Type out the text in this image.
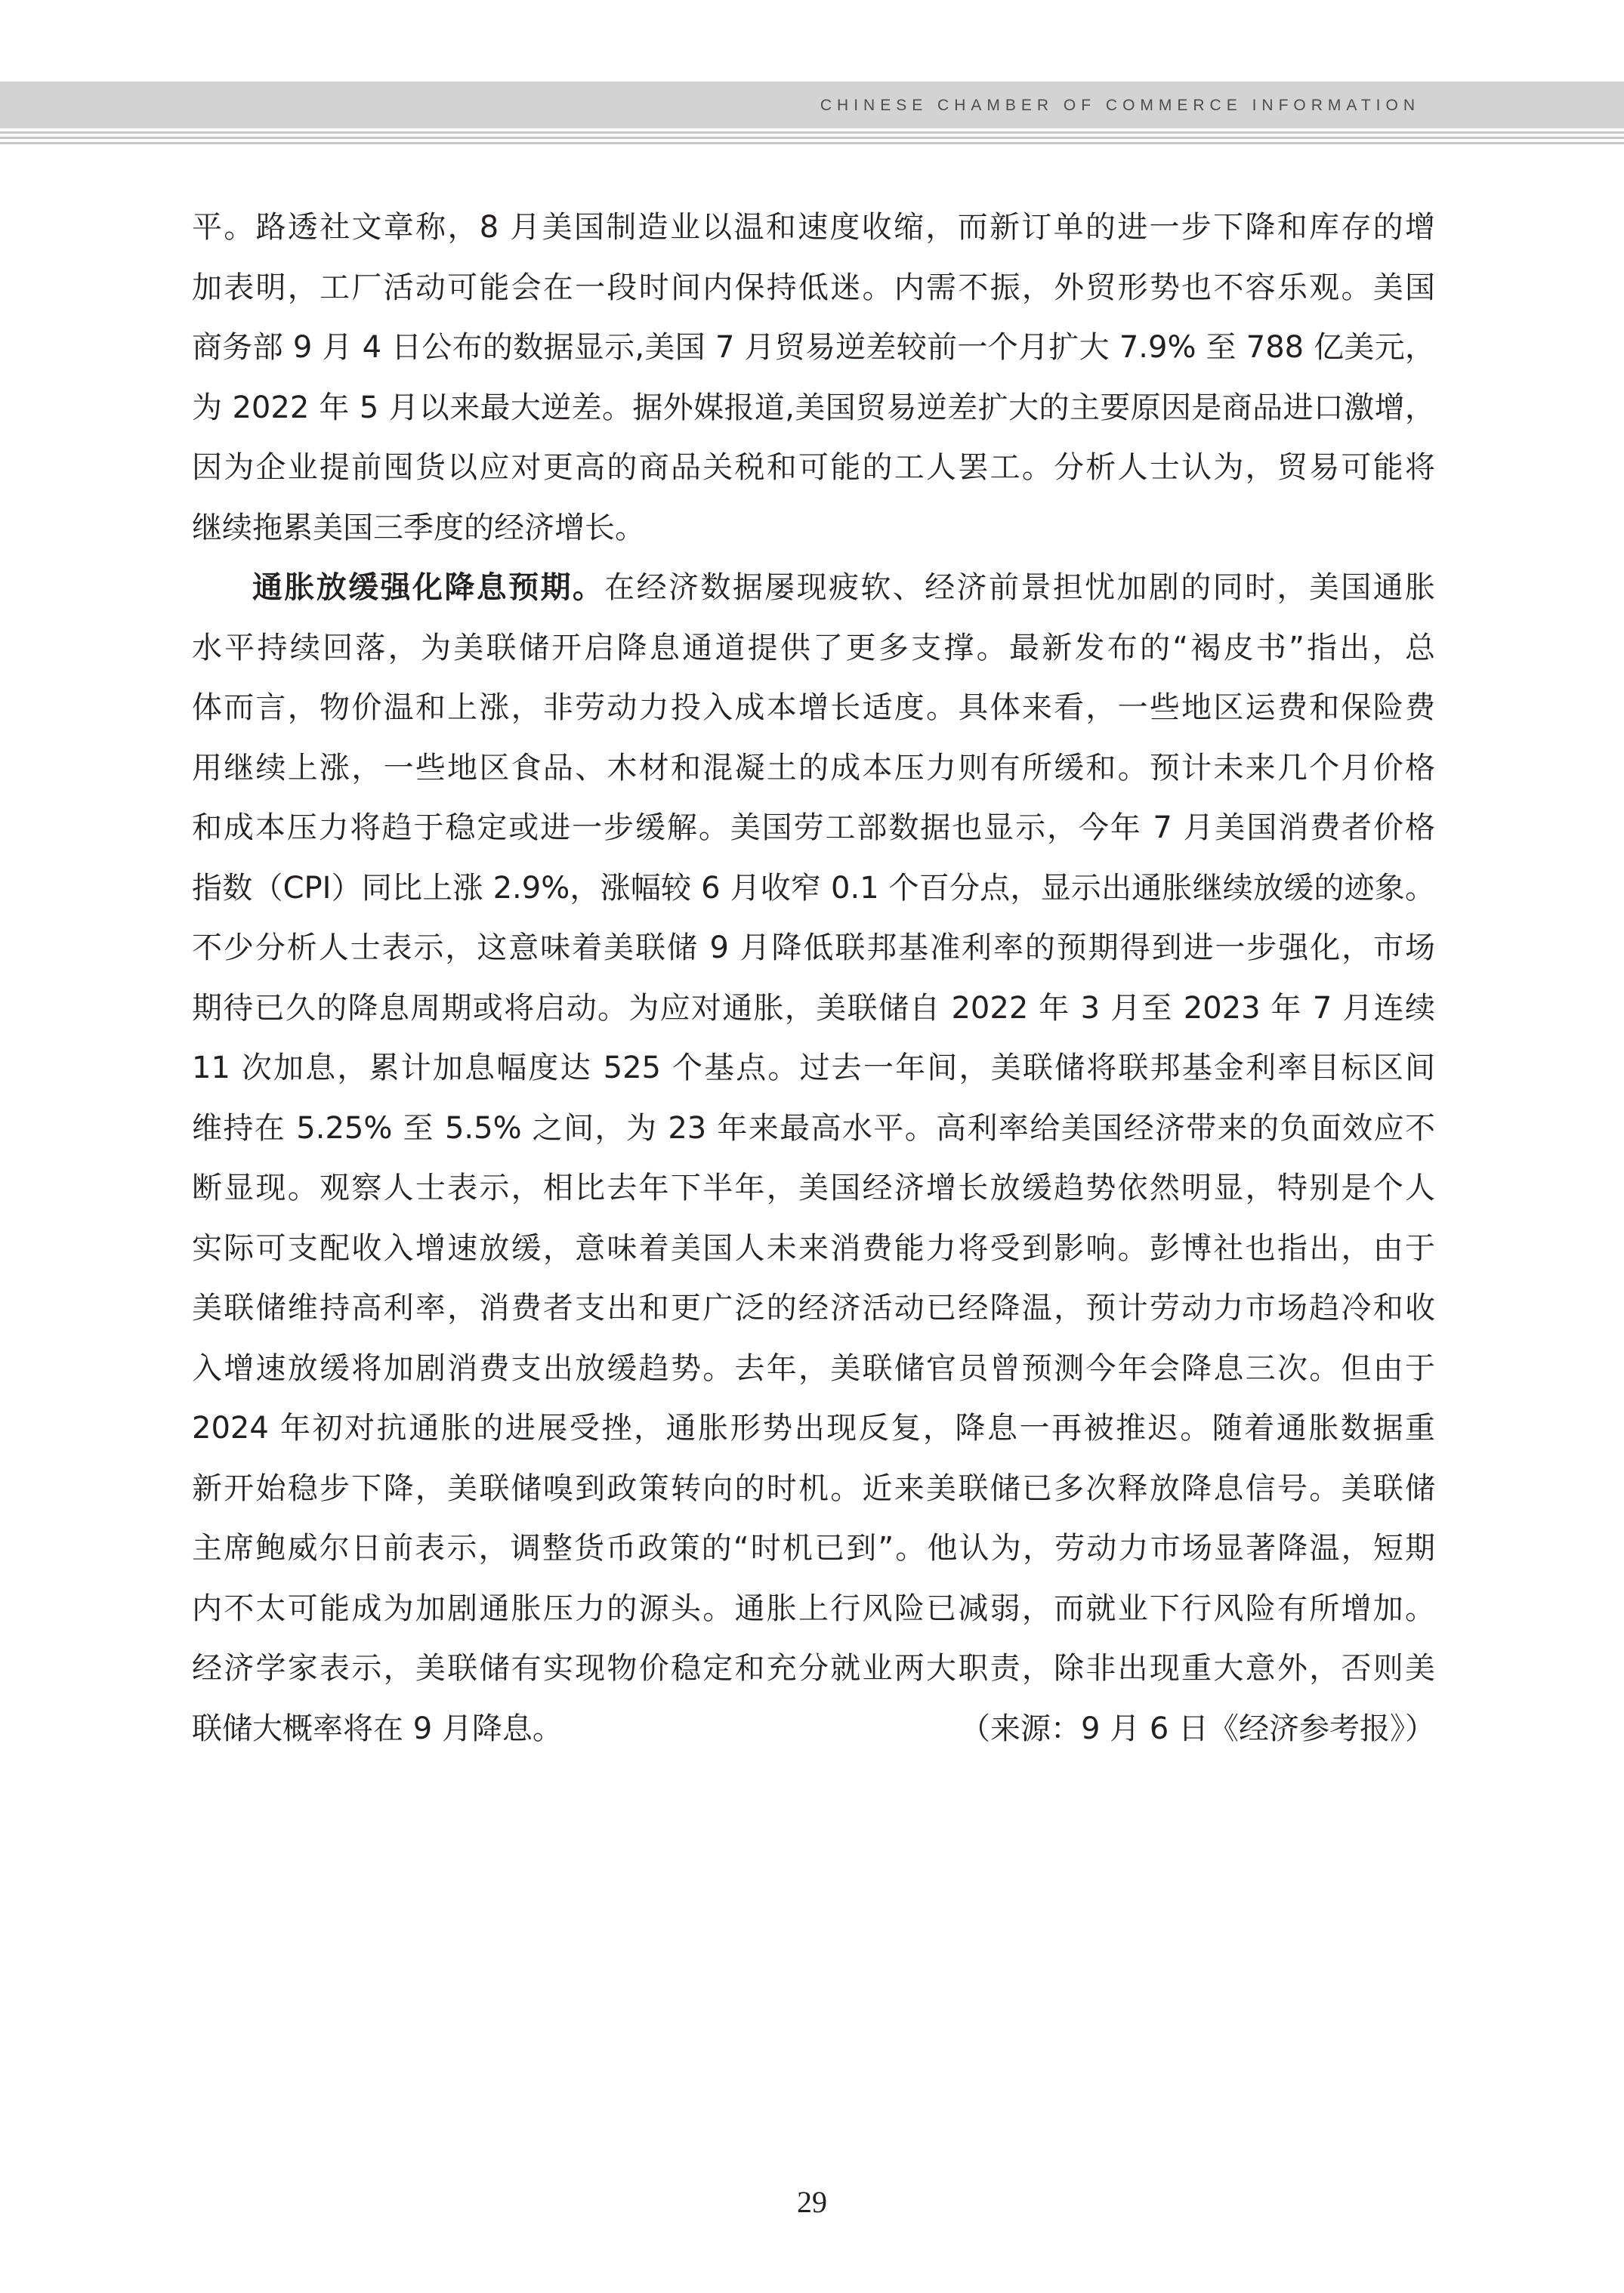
CHINESE CHAMBER OF COMMERCE INFORMATION
平。路透社文章称，8 月美国制造业以温和速度收缩，而新订单的进一步下降和库存的增
加表明，工厂活动可能会在一段时间内保持低迷。内需不振，外贸形势也不容乐观。美国
商务部 9 月 4 日公布的数据显示,美国 7 月贸易逆差较前一个月扩大 7.9% 至 788 亿美元，
为 2022 年 5 月以来最大逆差。据外媒报道,美国贸易逆差扩大的主要原因是商品进口激增，
因为企业提前囤货以应对更高的商品关税和可能的工人罢工。分析人士认为，贸易可能将
继续拖累美国三季度的经济增长。
通胀放缓强化降息预期。在经济数据屡现疲软、经济前景担忧加剧的同时，美国通胀
水平持续回落，为美联储开启降息通道提供了更多支撑。最新发布的“褐皮书”指出，总
体而言，物价温和上涨，非劳动力投入成本增长适度。具体来看，一些地区运费和保险费
用继续上涨，一些地区食品、木材和混凝土的成本压力则有所缓和。预计未来几个月价格
和成本压力将趋于稳定或进一步缓解。美国劳工部数据也显示，今年 7 月美国消费者价格
指数（CPI）同比上涨 2.9%，涨幅较 6 月收窄 0.1 个百分点，显示出通胀继续放缓的迹象。
不少分析人士表示，这意味着美联储 9 月降低联邦基准利率的预期得到进一步强化，市场
期待已久的降息周期或将启动。为应对通胀，美联储自 2022 年 3 月至 2023 年 7 月连续
11 次加息，累计加息幅度达 525 个基点。过去一年间，美联储将联邦基金利率目标区间
维持在 5.25% 至 5.5% 之间，为 23 年来最高水平。高利率给美国经济带来的负面效应不
断显现。观察人士表示，相比去年下半年，美国经济增长放缓趋势依然明显，特别是个人
实际可支配收入增速放缓，意味着美国人未来消费能力将受到影响。彭博社也指出，由于
美联储维持高利率，消费者支出和更广泛的经济活动已经降温，预计劳动力市场趋冷和收
入增速放缓将加剧消费支出放缓趋势。去年，美联储官员曾预测今年会降息三次。但由于
2024 年初对抗通胀的进展受挫，通胀形势出现反复，降息一再被推迟。随着通胀数据重
新开始稳步下降，美联储嗅到政策转向的时机。近来美联储已多次释放降息信号。美联储
主席鲍威尔日前表示，调整货币政策的“时机已到”。他认为，劳动力市场显著降温，短期
内不太可能成为加剧通胀压力的源头。通胀上行风险已减弱，而就业下行风险有所增加。
经济学家表示，美联储有实现物价稳定和充分就业两大职责，除非出现重大意外，否则美
联储大概率将在 9 月降息。	（来源：9 月 6 日《经济参考报》）
29
